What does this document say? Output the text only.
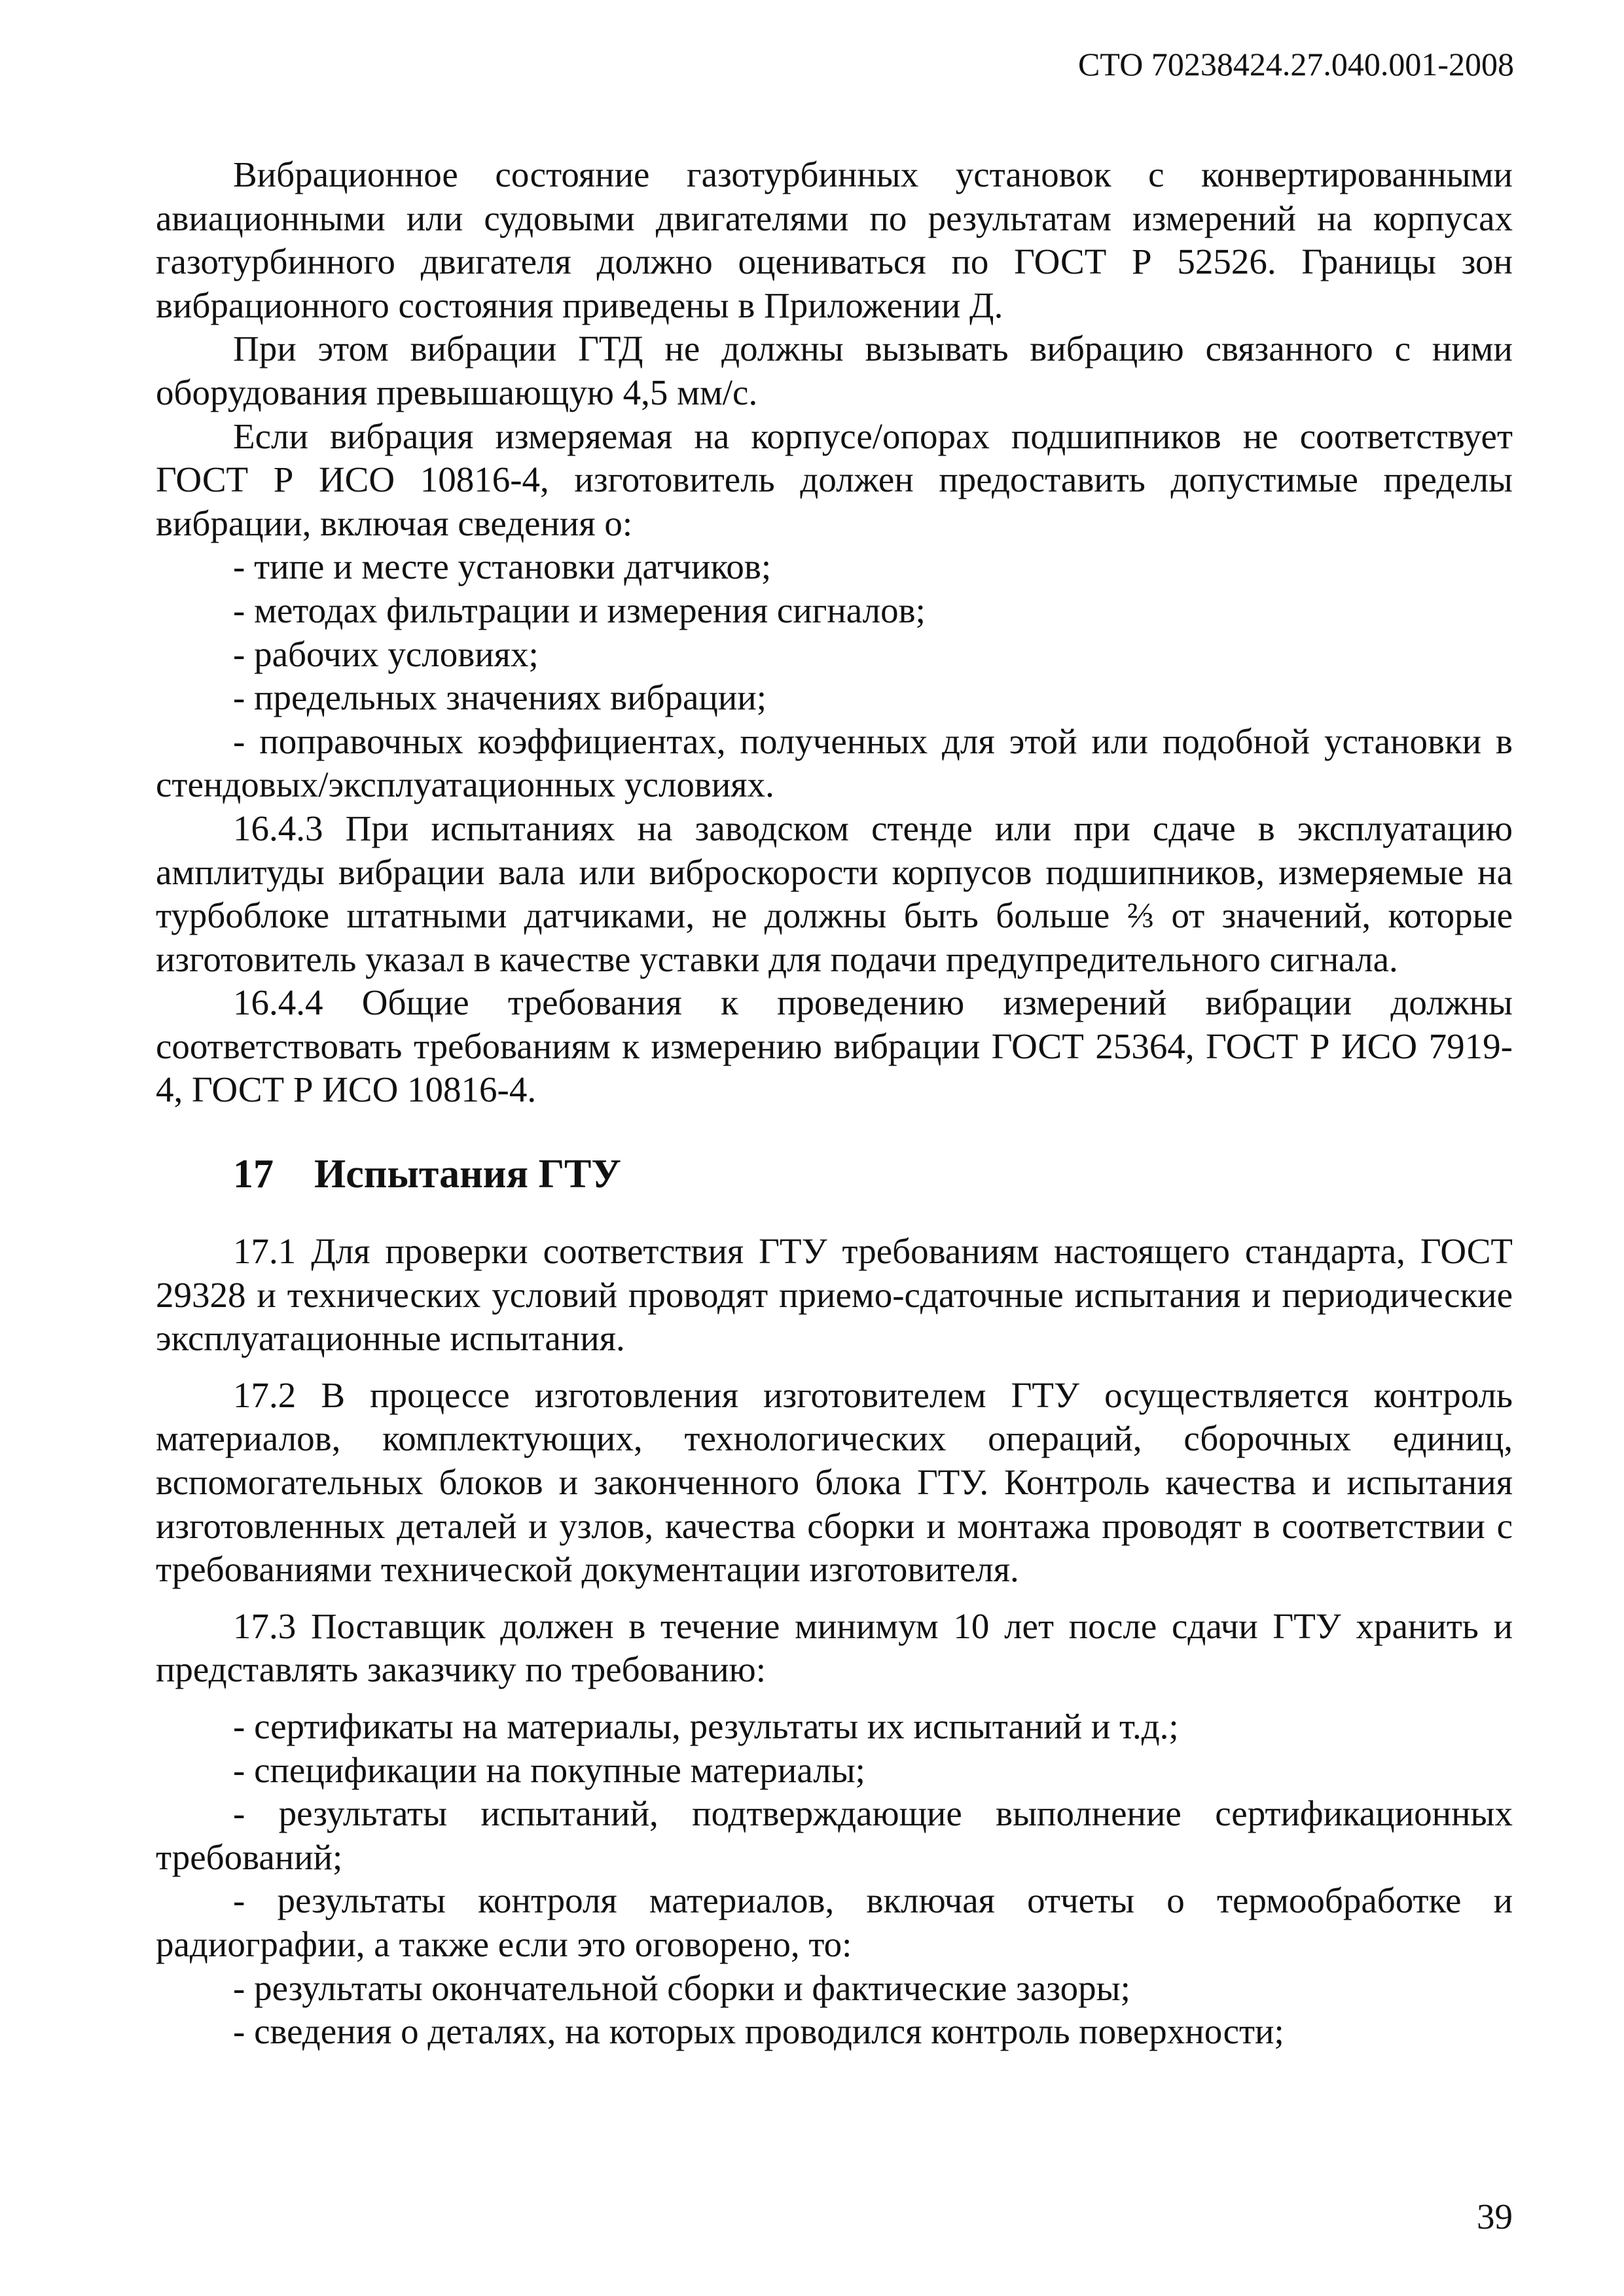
СТО 70238424.27.040.001-2008

Вибрационное состояние газотурбинных установок с конвертированными авиационными или судовыми двигателями по результатам измерений на корпусах газотурбинного двигателя должно оцениваться по ГОСТ Р 52526. Границы зон вибрационного состояния приведены в Приложении Д.

При этом вибрации ГТД не должны вызывать вибрацию связанного с ними оборудования превышающую 4,5 мм/с.

Если вибрация измеряемая на корпусе/опорах подшипников не соответствует ГОСТ Р ИСО 10816-4, изготовитель должен предоставить допустимые пределы вибрации, включая сведения о:

- типе и месте установки датчиков;

- методах фильтрации и измерения сигналов;

- рабочих условиях;

- предельных значениях вибрации;

- поправочных коэффициентах, полученных для этой или подобной установки в стендовых/эксплуатационных условиях.

16.4.3 При испытаниях на заводском стенде или при сдаче в эксплуатацию амплитуды вибрации вала или виброскорости корпусов подшипников, измеряемые на турбоблоке штатными датчиками, не должны быть больше ⅔ от значений, которые изготовитель указал в качестве уставки для подачи предупредительного сигнала.

16.4.4 Общие требования к проведению измерений вибрации должны соответствовать требованиям к измерению вибрации ГОСТ 25364, ГОСТ Р ИСО 7919-4, ГОСТ Р ИСО 10816-4.

17 Испытания ГТУ

17.1 Для проверки соответствия ГТУ требованиям настоящего стандарта, ГОСТ 29328 и технических условий проводят приемо-сдаточные испытания и периодические эксплуатационные испытания.

17.2 В процессе изготовления изготовителем ГТУ осуществляется контроль материалов, комплектующих, технологических операций, сборочных единиц, вспомогательных блоков и законченного блока ГТУ. Контроль качества и испытания изготовленных деталей и узлов, качества сборки и монтажа проводят в соответствии с требованиями технической документации изготовителя.

17.3 Поставщик должен в течение минимум 10 лет после сдачи ГТУ хранить и представлять заказчику по требованию:

- сертификаты на материалы, результаты их испытаний и т.д.;

- спецификации на покупные материалы;

- результаты испытаний, подтверждающие выполнение сертификационных требований;

- результаты контроля материалов, включая отчеты о термообработке и радиографии, а также если это оговорено, то:

- результаты окончательной сборки и фактические зазоры;

- сведения о деталях, на которых проводился контроль поверхности;

39
